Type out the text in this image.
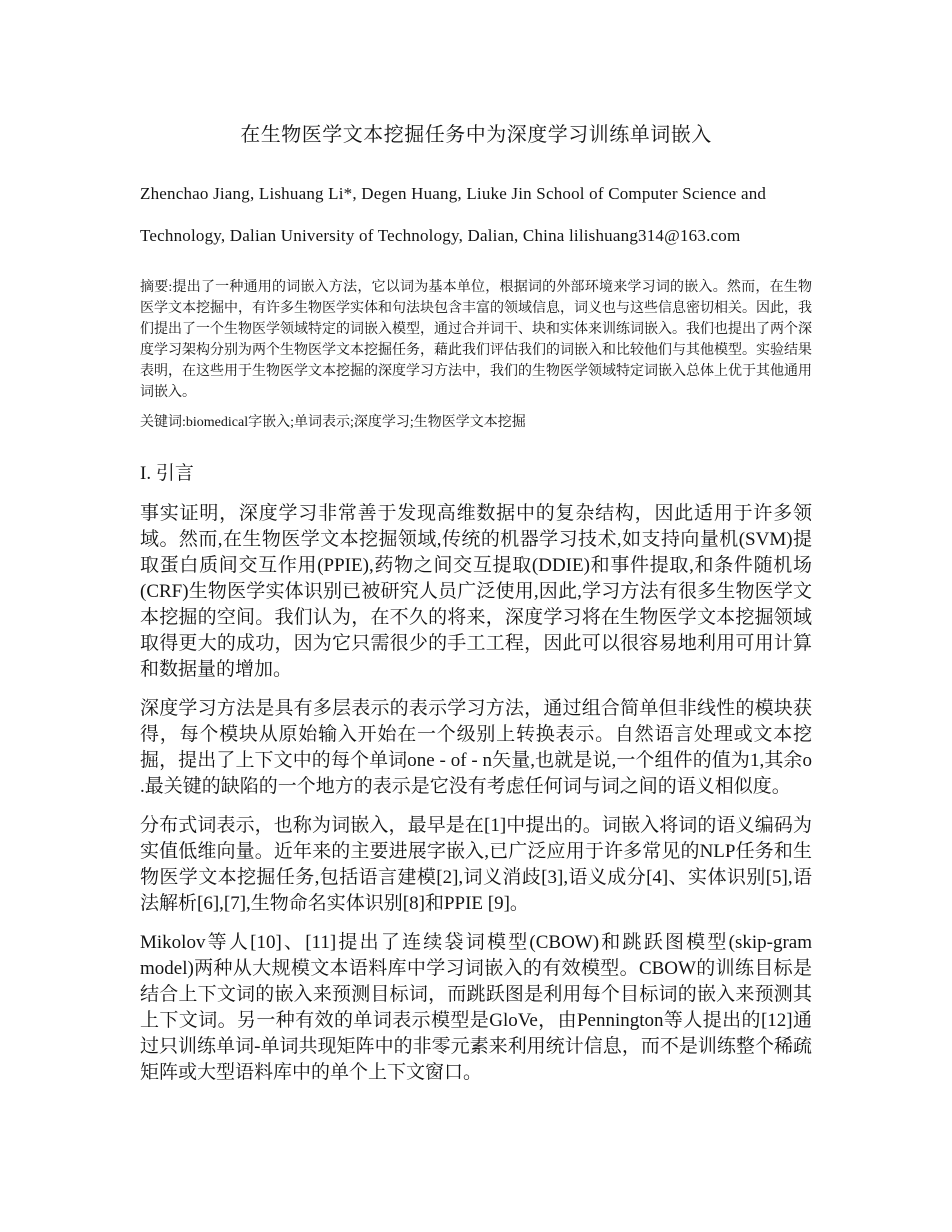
在生物医学文本挖掘任务中为深度学习训练单词嵌入

Zhenchao Jiang, Lishuang Li*, Degen Huang, Liuke Jin School of Computer Science and

Technology, Dalian University of Technology, Dalian, China lilishuang314@163.com

摘要:提出了一种通用的词嵌入方法，它以词为基本单位，根据词的外部环境来学习词的嵌入。然而，在生物医学文本挖掘中，有许多生物医学实体和句法块包含丰富的领域信息，词义也与这些信息密切相关。因此，我们提出了一个生物医学领域特定的词嵌入模型，通过合并词干、块和实体来训练词嵌入。我们也提出了两个深度学习架构分别为两个生物医学文本挖掘任务，藉此我们评估我们的词嵌入和比较他们与其他模型。实验结果表明，在这些用于生物医学文本挖掘的深度学习方法中，我们的生物医学领域特定词嵌入总体上优于其他通用词嵌入。

关键词:biomedical字嵌入;单词表示;深度学习;生物医学文本挖掘

I. 引言

事实证明，深度学习非常善于发现高维数据中的复杂结构，因此适用于许多领域。然而,在生物医学文本挖掘领域,传统的机器学习技术,如支持向量机(SVM)提取蛋白质间交互作用(PPIE),药物之间交互提取(DDIE)和事件提取,和条件随机场(CRF)生物医学实体识别已被研究人员广泛使用,因此,学习方法有很多生物医学文本挖掘的空间。我们认为，在不久的将来，深度学习将在生物医学文本挖掘领域取得更大的成功，因为它只需很少的手工工程，因此可以很容易地利用可用计算和数据量的增加。

深度学习方法是具有多层表示的表示学习方法，通过组合简单但非线性的模块获得，每个模块从原始输入开始在一个级别上转换表示。自然语言处理或文本挖掘，提出了上下文中的每个单词one - of - n矢量,也就是说,一个组件的值为1,其余o .最关键的缺陷的一个地方的表示是它没有考虑任何词与词之间的语义相似度。

分布式词表示，也称为词嵌入，最早是在[1]中提出的。词嵌入将词的语义编码为实值低维向量。近年来的主要进展字嵌入,已广泛应用于许多常见的NLP任务和生物医学文本挖掘任务,包括语言建模[2],词义消歧[3],语义成分[4]、实体识别[5],语法解析[6],[7],生物命名实体识别[8]和PPIE [9]。

Mikolov等人[10]、[11]提出了连续袋词模型(CBOW)和跳跃图模型(skip-gram model)两种从大规模文本语料库中学习词嵌入的有效模型。CBOW的训练目标是结合上下文词的嵌入来预测目标词，而跳跃图是利用每个目标词的嵌入来预测其上下文词。另一种有效的单词表示模型是GloVe，由Pennington等人提出的[12]通过只训练单词-单词共现矩阵中的非零元素来利用统计信息，而不是训练整个稀疏矩阵或大型语料库中的单个上下文窗口。
